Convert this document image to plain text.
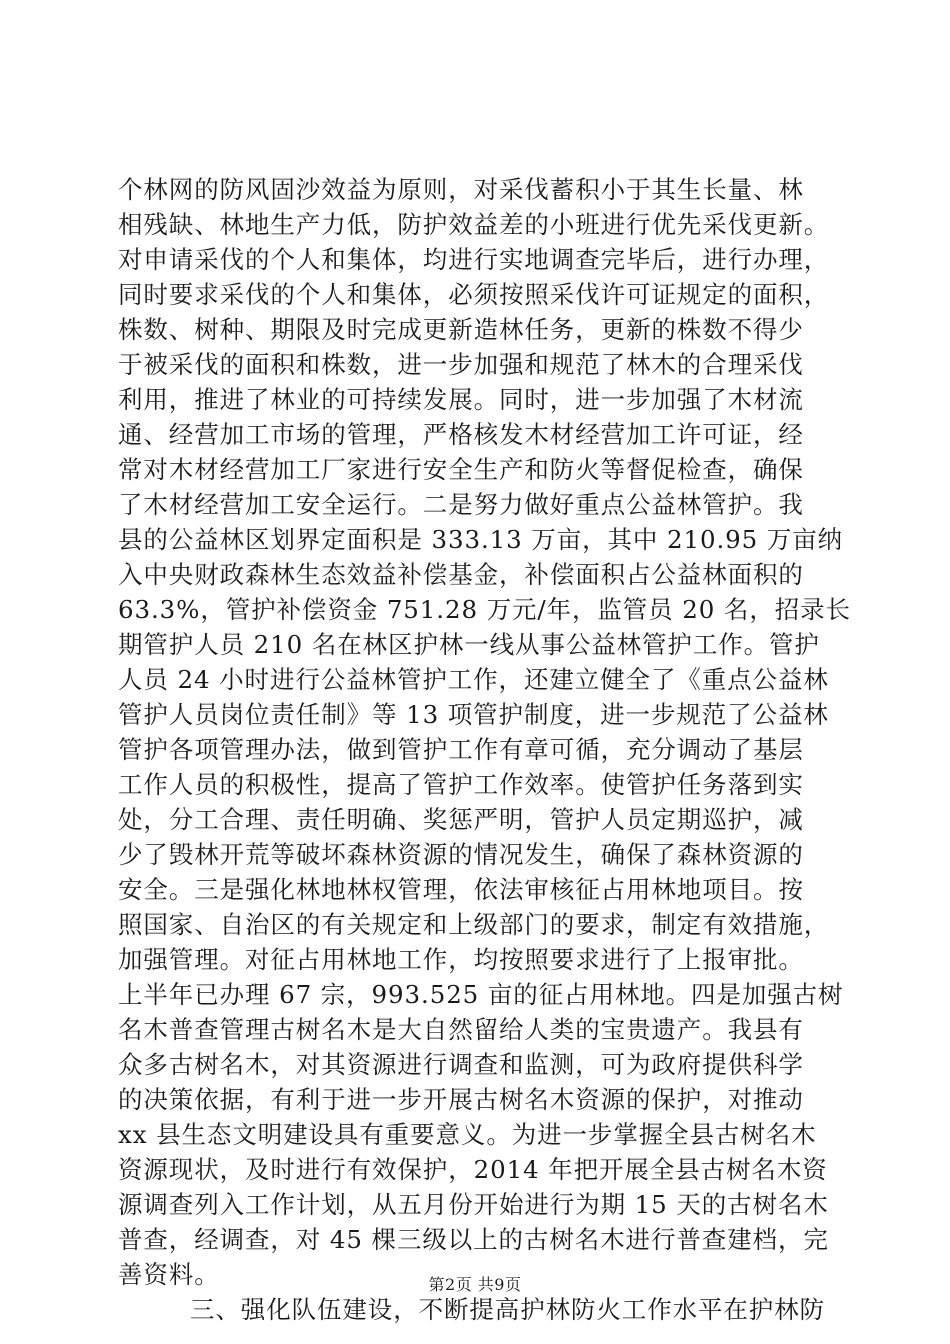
个林网的防风固沙效益为原则，对采伐蓄积小于其生长量、林
相残缺、林地生产力低，防护效益差的小班进行优先采伐更新。
对申请采伐的个人和集体，均进行实地调查完毕后，进行办理，
同时要求采伐的个人和集体，必须按照采伐许可证规定的面积，
株数、树种、期限及时完成更新造林任务，更新的株数不得少
于被采伐的面积和株数，进一步加强和规范了林木的合理采伐
利用，推进了林业的可持续发展。同时，进一步加强了木材流
通、经营加工市场的管理，严格核发木材经营加工许可证，经
常对木材经营加工厂家进行安全生产和防火等督促检查，确保
了木材经营加工安全运行。二是努力做好重点公益林管护。我
县的公益林区划界定面积是 333.13 万亩，其中 210.95 万亩纳
入中央财政森林生态效益补偿基金，补偿面积占公益林面积的
63.3%，管护补偿资金 751.28 万元/年，监管员 20 名，招录长
期管护人员 210 名在林区护林一线从事公益林管护工作。管护
人员 24 小时进行公益林管护工作，还建立健全了《重点公益林
管护人员岗位责任制》等 13 项管护制度，进一步规范了公益林
管护各项管理办法，做到管护工作有章可循，充分调动了基层
工作人员的积极性，提高了管护工作效率。使管护任务落到实
处，分工合理、责任明确、奖惩严明，管护人员定期巡护，减
少了毁林开荒等破坏森林资源的情况发生，确保了森林资源的
安全。三是强化林地林权管理，依法审核征占用林地项目。按
照国家、自治区的有关规定和上级部门的要求，制定有效措施，
加强管理。对征占用林地工作，均按照要求进行了上报审批。
上半年已办理 67 宗，993.525 亩的征占用林地。四是加强古树
名木普查管理古树名木是大自然留给人类的宝贵遗产。我县有
众多古树名木，对其资源进行调查和监测，可为政府提供科学
的决策依据，有利于进一步开展古树名木资源的保护，对推动
xx 县生态文明建设具有重要意义。为进一步掌握全县古树名木
资源现状，及时进行有效保护，2014 年把开展全县古树名木资
源调查列入工作计划，从五月份开始进行为期 15 天的古树名木
普查，经调查，对 45 棵三级以上的古树名木进行普查建档，完
善资料。
三、强化队伍建设，不断提高护林防火工作水平在护林防
第2页 共9页
